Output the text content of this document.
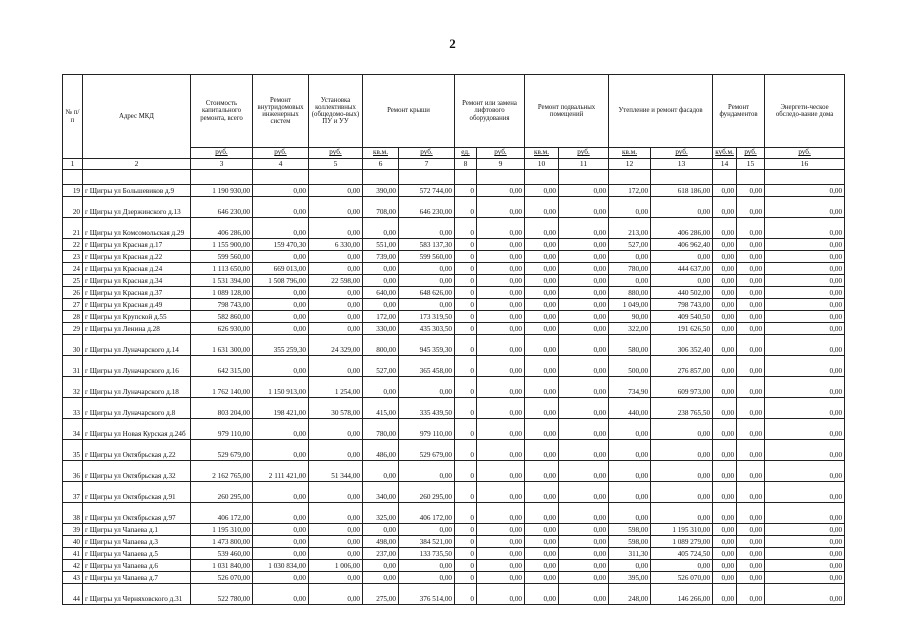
2
№ п/п	Адрес МКД	Стоимость капитального ремонта, всего	Ремонт внутридомовых инженерных систем	Установка коллективных (общедомо-вых) ПУ и УУ	Ремонт крыши		Ремонт или замена лифтового оборудования		Ремонт подвальных помещений		Утепление и ремонт фасадов		Ремонт фундаментов		Энергети-ческое обследо-вание дома
		руб.	руб.	руб.	кв.м.	руб.	ед.	руб.	кв.м.	руб.	кв.м.	руб.	куб.м.	руб.	руб.
1	2	3	4	5	6	7	8	9	10	11	12	13	14	15	16

19	г Щигры ул Большевиков д.9	1 190 930,00	0,00	0,00	390,00	572 744,00	0	0,00	0,00	0,00	172,00	618 186,00	0,00	0,00	0,00
20	г Щигры ул Дзержинского д.13	646 230,00	0,00	0,00	708,00	646 230,00	0	0,00	0,00	0,00	0,00	0,00	0,00	0,00	0,00
21	г Щигры ул Комсомольская д.29	406 286,00	0,00	0,00	0,00	0,00	0	0,00	0,00	0,00	213,00	406 286,00	0,00	0,00	0,00
22	г Щигры ул Красная д.17	1 155 900,00	159 470,30	6 330,00	551,00	583 137,30	0	0,00	0,00	0,00	527,00	406 962,40	0,00	0,00	0,00
23	г Щигры ул Красная д.22	599 560,00	0,00	0,00	739,00	599 560,00	0	0,00	0,00	0,00	0,00	0,00	0,00	0,00	0,00
24	г Щигры ул Красная д.24	1 113 650,00	669 013,00	0,00	0,00	0,00	0	0,00	0,00	0,00	780,00	444 637,00	0,00	0,00	0,00
25	г Щигры ул Красная д.34	1 531 394,00	1 508 796,00	22 598,00	0,00	0,00	0	0,00	0,00	0,00	0,00	0,00	0,00	0,00	0,00
26	г Щигры ул Красная д.37	1 089 128,00	0,00	0,00	640,00	648 626,00	0	0,00	0,00	0,00	880,00	440 502,00	0,00	0,00	0,00
27	г Щигры ул Красная д.49	798 743,00	0,00	0,00	0,00	0,00	0	0,00	0,00	0,00	1 049,00	798 743,00	0,00	0,00	0,00
28	г Щигры ул Крупской д.55	582 860,00	0,00	0,00	172,00	173 319,50	0	0,00	0,00	0,00	90,00	409 540,50	0,00	0,00	0,00
29	г Щигры ул Ленина д.28	626 930,00	0,00	0,00	330,00	435 303,50	0	0,00	0,00	0,00	322,00	191 626,50	0,00	0,00	0,00
30	г Щигры ул Луначарского д.14	1 631 300,00	355 259,30	24 329,00	800,00	945 359,30	0	0,00	0,00	0,00	580,00	306 352,40	0,00	0,00	0,00
31	г Щигры ул Луначарского д.16	642 315,00	0,00	0,00	527,00	365 458,00	0	0,00	0,00	0,00	500,00	276 857,00	0,00	0,00	0,00
32	г Щигры ул Луначарского д.18	1 762 140,00	1 150 913,00	1 254,00	0,00	0,00	0	0,00	0,00	0,00	734,90	609 973,00	0,00	0,00	0,00
33	г Щигры ул Луначарского д.8	803 204,00	198 421,00	30 578,00	415,00	335 439,50	0	0,00	0,00	0,00	440,00	238 765,50	0,00	0,00	0,00
34	г Щигры ул Новая Курская д.24б	979 110,00	0,00	0,00	780,00	979 110,00	0	0,00	0,00	0,00	0,00	0,00	0,00	0,00	0,00
35	г Щигры ул Октябрьская д.22	529 679,00	0,00	0,00	486,00	529 679,00	0	0,00	0,00	0,00	0,00	0,00	0,00	0,00	0,00
36	г Щигры ул Октябрьская д.32	2 162 765,00	2 111 421,00	51 344,00	0,00	0,00	0	0,00	0,00	0,00	0,00	0,00	0,00	0,00	0,00
37	г Щигры ул Октябрьская д.91	260 295,00	0,00	0,00	340,00	260 295,00	0	0,00	0,00	0,00	0,00	0,00	0,00	0,00	0,00
38	г Щигры ул Октябрьская д.97	406 172,00	0,00	0,00	325,00	406 172,00	0	0,00	0,00	0,00	0,00	0,00	0,00	0,00	0,00
39	г Щигры ул Чапаева д.1	1 195 310,00	0,00	0,00	0,00	0,00	0	0,00	0,00	0,00	598,00	1 195 310,00	0,00	0,00	0,00
40	г Щигры ул Чапаева д.3	1 473 800,00	0,00	0,00	498,00	384 521,00	0	0,00	0,00	0,00	598,00	1 089 279,00	0,00	0,00	0,00
41	г Щигры ул Чапаева д.5	539 460,00	0,00	0,00	237,00	133 735,50	0	0,00	0,00	0,00	311,30	405 724,50	0,00	0,00	0,00
42	г Щигры ул Чапаева д.6	1 031 840,00	1 030 834,00	1 006,00	0,00	0,00	0	0,00	0,00	0,00	0,00	0,00	0,00	0,00	0,00
43	г Щигры ул Чапаева д.7	526 070,00	0,00	0,00	0,00	0,00	0	0,00	0,00	0,00	395,00	526 070,00	0,00	0,00	0,00
44	г Щигры ул Черняховского д.31	522 780,00	0,00	0,00	275,00	376 514,00	0	0,00	0,00	0,00	248,00	146 266,00	0,00	0,00	0,00
